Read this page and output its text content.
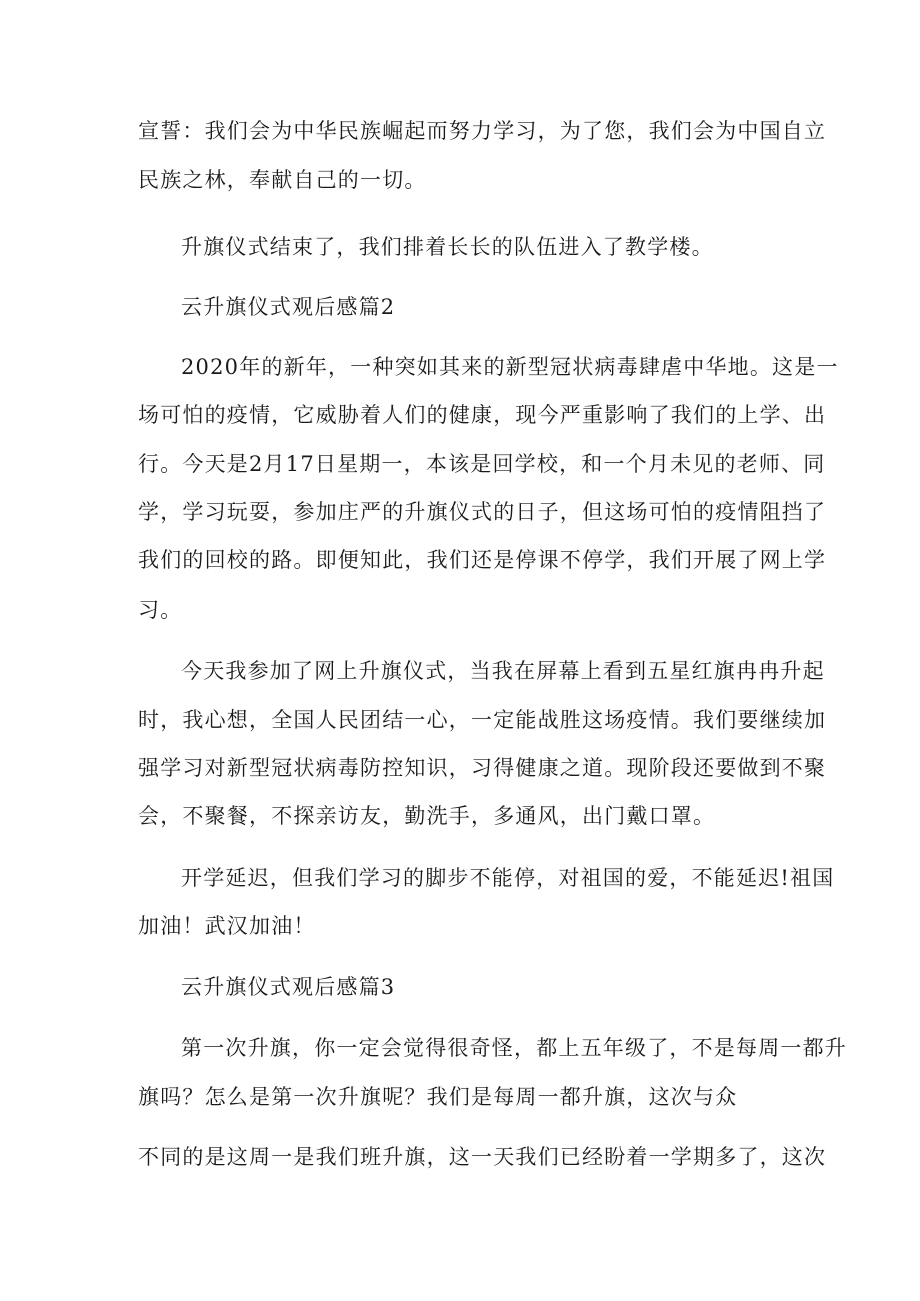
宣誓：我们会为中华民族崛起而努力学习，为了您，我们会为中国自立
民族之林，奉献自己的一切。
升旗仪式结束了，我们排着长长的队伍进入了教学楼。
云升旗仪式观后感篇2
2020年的新年，一种突如其来的新型冠状病毒肆虐中华地。这是一
场可怕的疫情，它威胁着人们的健康，现今严重影响了我们的上学、出
行。今天是2月17日星期一，本该是回学校，和一个月未见的老师、同
学，学习玩耍，参加庄严的升旗仪式的日子，但这场可怕的疫情阻挡了
我们的回校的路。即便知此，我们还是停课不停学，我们开展了网上学
习。
今天我参加了网上升旗仪式，当我在屏幕上看到五星红旗冉冉升起
时，我心想，全国人民团结一心，一定能战胜这场疫情。我们要继续加
强学习对新型冠状病毒防控知识，习得健康之道。现阶段还要做到不聚
会，不聚餐，不探亲访友，勤洗手，多通风，出门戴口罩。
开学延迟，但我们学习的脚步不能停，对祖国的爱，不能延迟!祖国
加油！武汉加油！
云升旗仪式观后感篇3
第一次升旗，你一定会觉得很奇怪，都上五年级了，不是每周一都升
旗吗？怎么是第一次升旗呢？我们是每周一都升旗，这次与众
不同的是这周一是我们班升旗，这一天我们已经盼着一学期多了，这次
